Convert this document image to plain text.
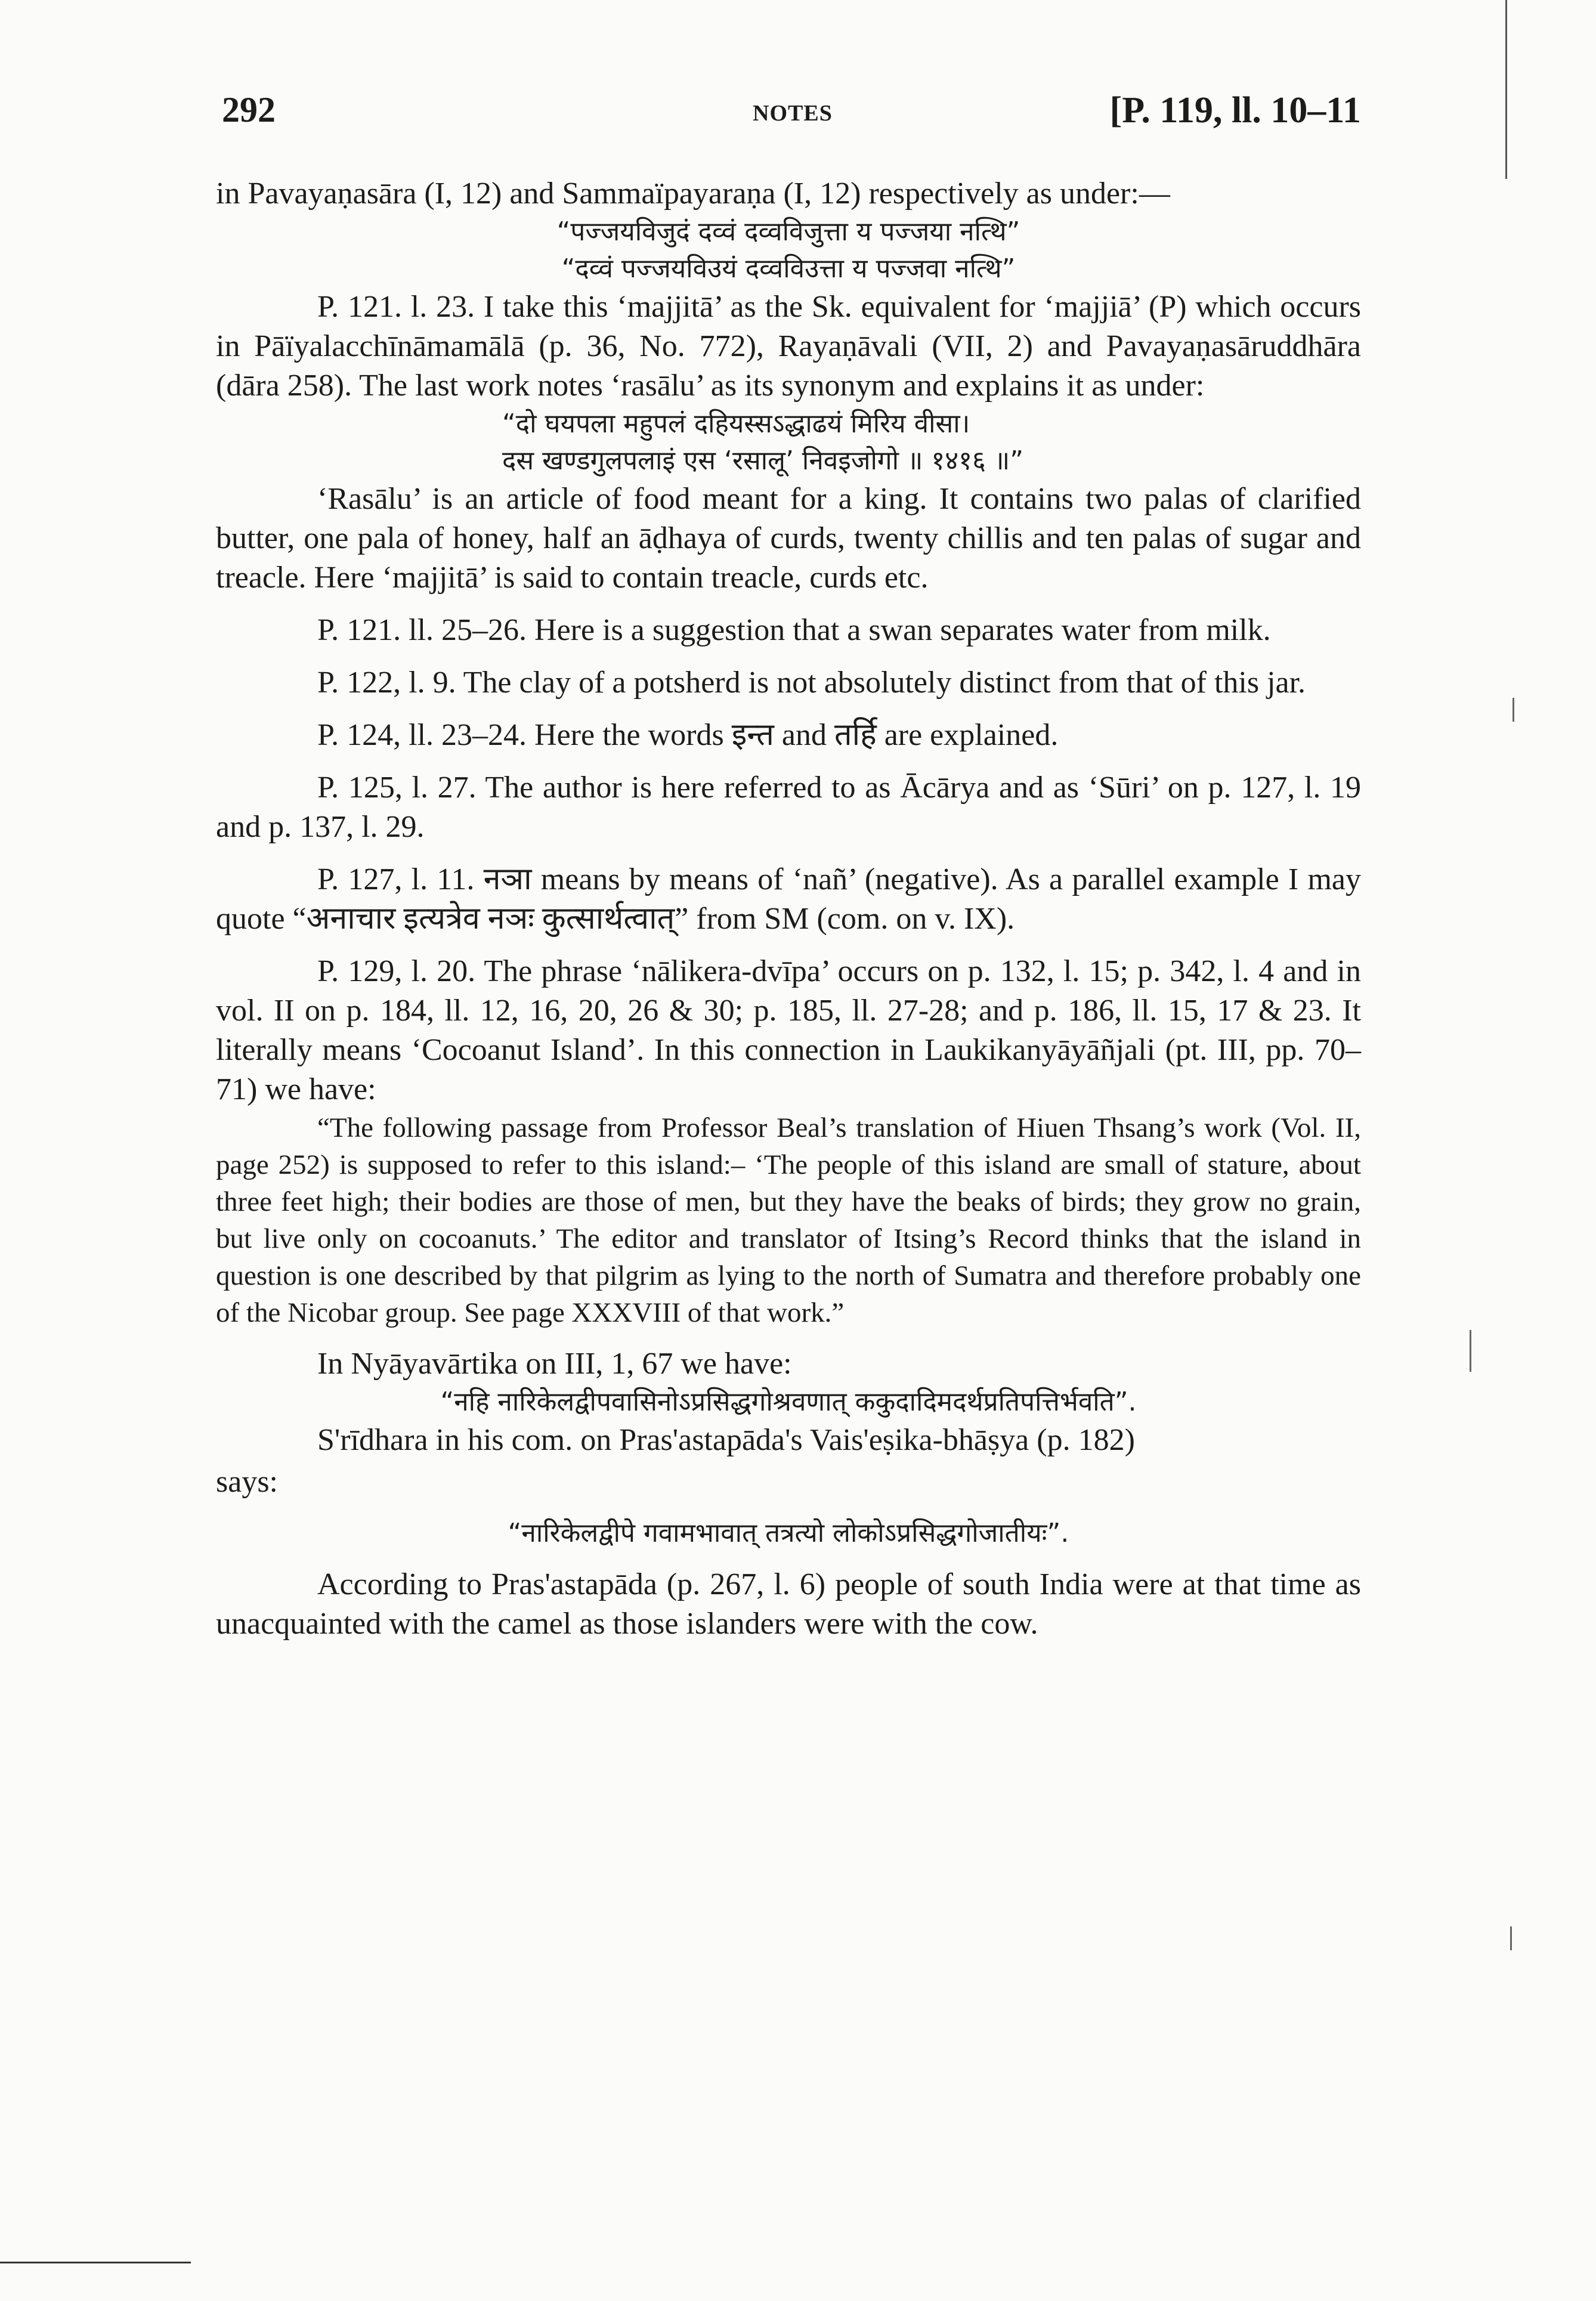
292	NOTES	[P. 119, ll. 10–11

in Pavayaṇasāra (I, 12) and Sammaïpayaraṇa (I, 12) respectively as under:—

“पज्जयविजुदं दव्वं दव्वविजुत्ता य पज्जया नत्थि”

“दव्वं पज्जयविउयं दव्वविउत्ता य पज्जवा नत्थि”

P. 121. l. 23. I take this ‘majjitā’ as the Sk. equivalent for ‘majjiā’ (P) which occurs in Pāïyalacchīnāmamālā (p. 36, No. 772), Rayaṇāvali (VII, 2) and Pavayaṇasāruddhāra (dāra 258). The last work notes ‘rasālu’ as its synonym and explains it as under:

“दो घयपला महुपलं दहियस्सऽद्धाढयं मिरिय वीसा।

दस खण्डगुलपलाइं एस ‘रसालू’ निवइजोगो ॥ १४१६ ॥”

‘Rasālu’ is an article of food meant for a king. It contains two palas of clarified butter, one pala of honey, half an āḍhaya of curds, twenty chillis and ten palas of sugar and treacle. Here ‘majjitā’ is said to contain treacle, curds etc.

P. 121. ll. 25–26. Here is a suggestion that a swan separates water from milk.

P. 122, l. 9. The clay of a potsherd is not absolutely distinct from that of this jar.

P. 124, ll. 23–24. Here the words इन्त and तर्हि are explained.

P. 125, l. 27. The author is here referred to as Ācārya and as ‘Sūri’ on p. 127, l. 19 and p. 137, l. 29.

P. 127, l. 11. नञा means by means of ‘nañ’ (negative). As a parallel example I may quote “अनाचार इत्यत्रेव नञः कुत्सार्थत्वात्” from SM (com. on v. IX).

P. 129, l. 20. The phrase ‘nālikera-dvīpa’ occurs on p. 132, l. 15; p. 342, l. 4 and in vol. II on p. 184, ll. 12, 16, 20, 26 & 30; p. 185, ll. 27-28; and p. 186, ll. 15, 17 & 23. It literally means ‘Cocoanut Island’. In this connection in Laukikanyāyāñjali (pt. III, pp. 70–71) we have:

“The following passage from Professor Beal’s translation of Hiuen Thsang’s work (Vol. II, page 252) is supposed to refer to this island:– ‘The people of this island are small of stature, about three feet high; their bodies are those of men, but they have the beaks of birds; they grow no grain, but live only on cocoanuts.’ The editor and translator of Itsing’s Record thinks that the island in question is one described by that pilgrim as lying to the north of Sumatra and therefore probably one of the Nicobar group. See page XXXVIII of that work.”

In Nyāyavārtika on III, 1, 67 we have:

“नहि नारिकेलद्वीपवासिनोऽप्रसिद्धगोश्रवणात् ककुदादिमदर्थप्रतिपत्तिर्भवति”.

S'rīdhara in his com. on Pras'astapāda's Vais'eṣika-bhāṣya (p. 182)

says:

“नारिकेलद्वीपे गवामभावात् तत्रत्यो लोकोऽप्रसिद्धगोजातीयः”.

According to Pras'astapāda (p. 267, l. 6) people of south India were at that time as unacquainted with the camel as those islanders were with the cow.
